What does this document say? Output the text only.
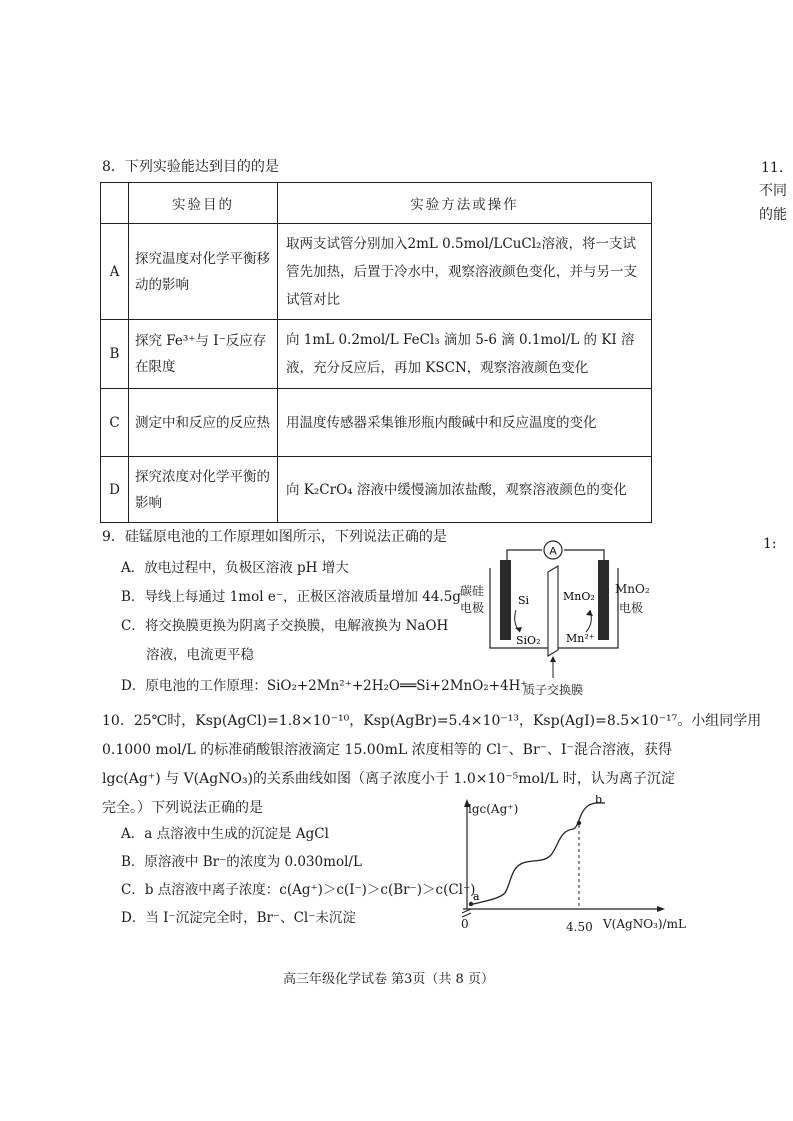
8．下列实验能达到目的的是
	实验目的	实验方法或操作
A	探究温度对化学平衡移动的影响	取两支试管分别加入2mL 0.5mol/LCuCl₂溶液，将一支试管先加热，后置于冷水中，观察溶液颜色变化，并与另一支试管对比
B	探究 Fe³⁺与 I⁻反应存在限度	向 1mL 0.2mol/L FeCl₃ 滴加 5-6 滴 0.1mol/L 的 KI 溶液，充分反应后，再加 KSCN，观察溶液颜色变化
C	测定中和反应的反应热	用温度传感器采集锥形瓶内酸碱中和反应温度的变化
D	探究浓度对化学平衡的影响	向 K₂CrO₄ 溶液中缓慢滴加浓盐酸，观察溶液颜色的变化
9．硅锰原电池的工作原理如图所示，下列说法正确的是
A．放电过程中，负极区溶液 pH 增大
B．导线上每通过 1mol e⁻，正极区溶液质量增加 44.5g
C．将交换膜更换为阴离子交换膜，电解液换为 NaOH
溶液，电流更平稳
D．原电池的工作原理：SiO₂+2Mn²⁺+2H₂O══Si+2MnO₂+4H⁺
A
Si
SiO₂
MnO₂
Mn²⁺
碳硅
电极
MnO₂
电极
质子交换膜
10．25℃时，Ksp(AgCl)=1.8×10⁻¹⁰，Ksp(AgBr)=5.4×10⁻¹³，Ksp(AgI)=8.5×10⁻¹⁷。小组同学用
0.1000 mol/L 的标准硝酸银溶液滴定 15.00mL 浓度相等的 Cl⁻、Br⁻、I⁻混合溶液，获得
lgc(Ag⁺) 与 V(AgNO₃)的关系曲线如图（离子浓度小于 1.0×10⁻⁵mol/L 时，认为离子沉淀
完全。）下列说法正确的是
A．a 点溶液中生成的沉淀是 AgCl
B．原溶液中 Br⁻的浓度为 0.030mol/L
C．b 点溶液中离子浓度：c(Ag⁺)＞c(I⁻)＞c(Br⁻)＞c(Cl⁻)
D．当 I⁻沉淀完全时，Br⁻、Cl⁻未沉淀
a
b
lgc(Ag⁺)
0	4.50 V(AgNO₃)/mL
高三年级化学试卷 第3页（共 8 页）
11．
不同
的能
1:
